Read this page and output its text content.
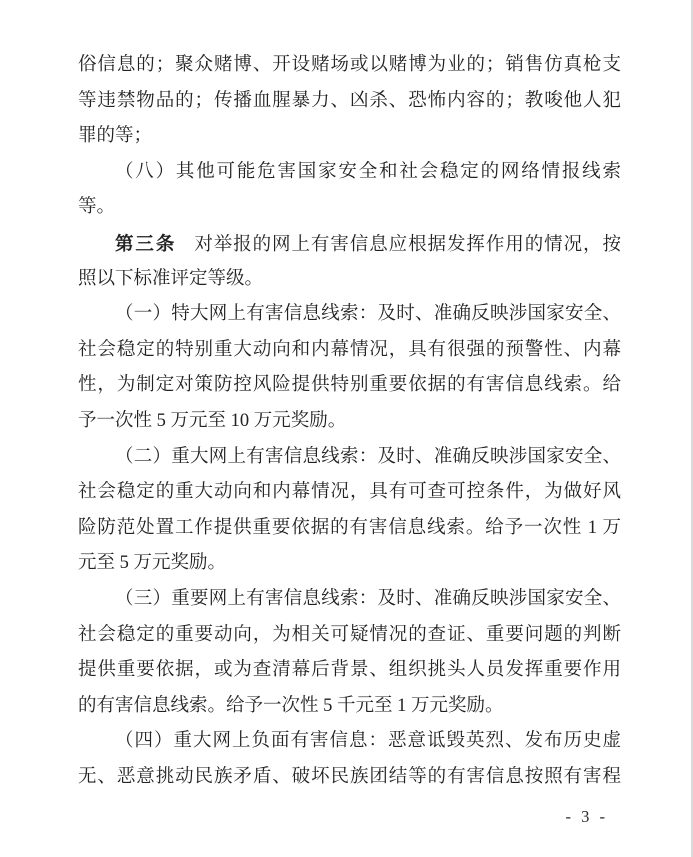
俗信息的；聚众赌博、开设赌场或以赌博为业的；销售仿真枪支
等违禁物品的；传播血腥暴力、凶杀、恐怖内容的；教唆他人犯
罪的等；
（八）其他可能危害国家安全和社会稳定的网络情报线索
等。
第三条 对举报的网上有害信息应根据发挥作用的情况，按
照以下标准评定等级。
（一）特大网上有害信息线索：及时、准确反映涉国家安全、
社会稳定的特别重大动向和内幕情况，具有很强的预警性、内幕
性，为制定对策防控风险提供特别重要依据的有害信息线索。给
予一次性 5 万元至 10 万元奖励。
（二）重大网上有害信息线索：及时、准确反映涉国家安全、
社会稳定的重大动向和内幕情况，具有可查可控条件，为做好风
险防范处置工作提供重要依据的有害信息线索。给予一次性 1 万
元至 5 万元奖励。
（三）重要网上有害信息线索：及时、准确反映涉国家安全、
社会稳定的重要动向，为相关可疑情况的查证、重要问题的判断
提供重要依据，或为查清幕后背景、组织挑头人员发挥重要作用
的有害信息线索。给予一次性 5 千元至 1 万元奖励。
（四）重大网上负面有害信息：恶意诋毁英烈、发布历史虚
无、恶意挑动民族矛盾、破坏民族团结等的有害信息按照有害程
- 3 -
